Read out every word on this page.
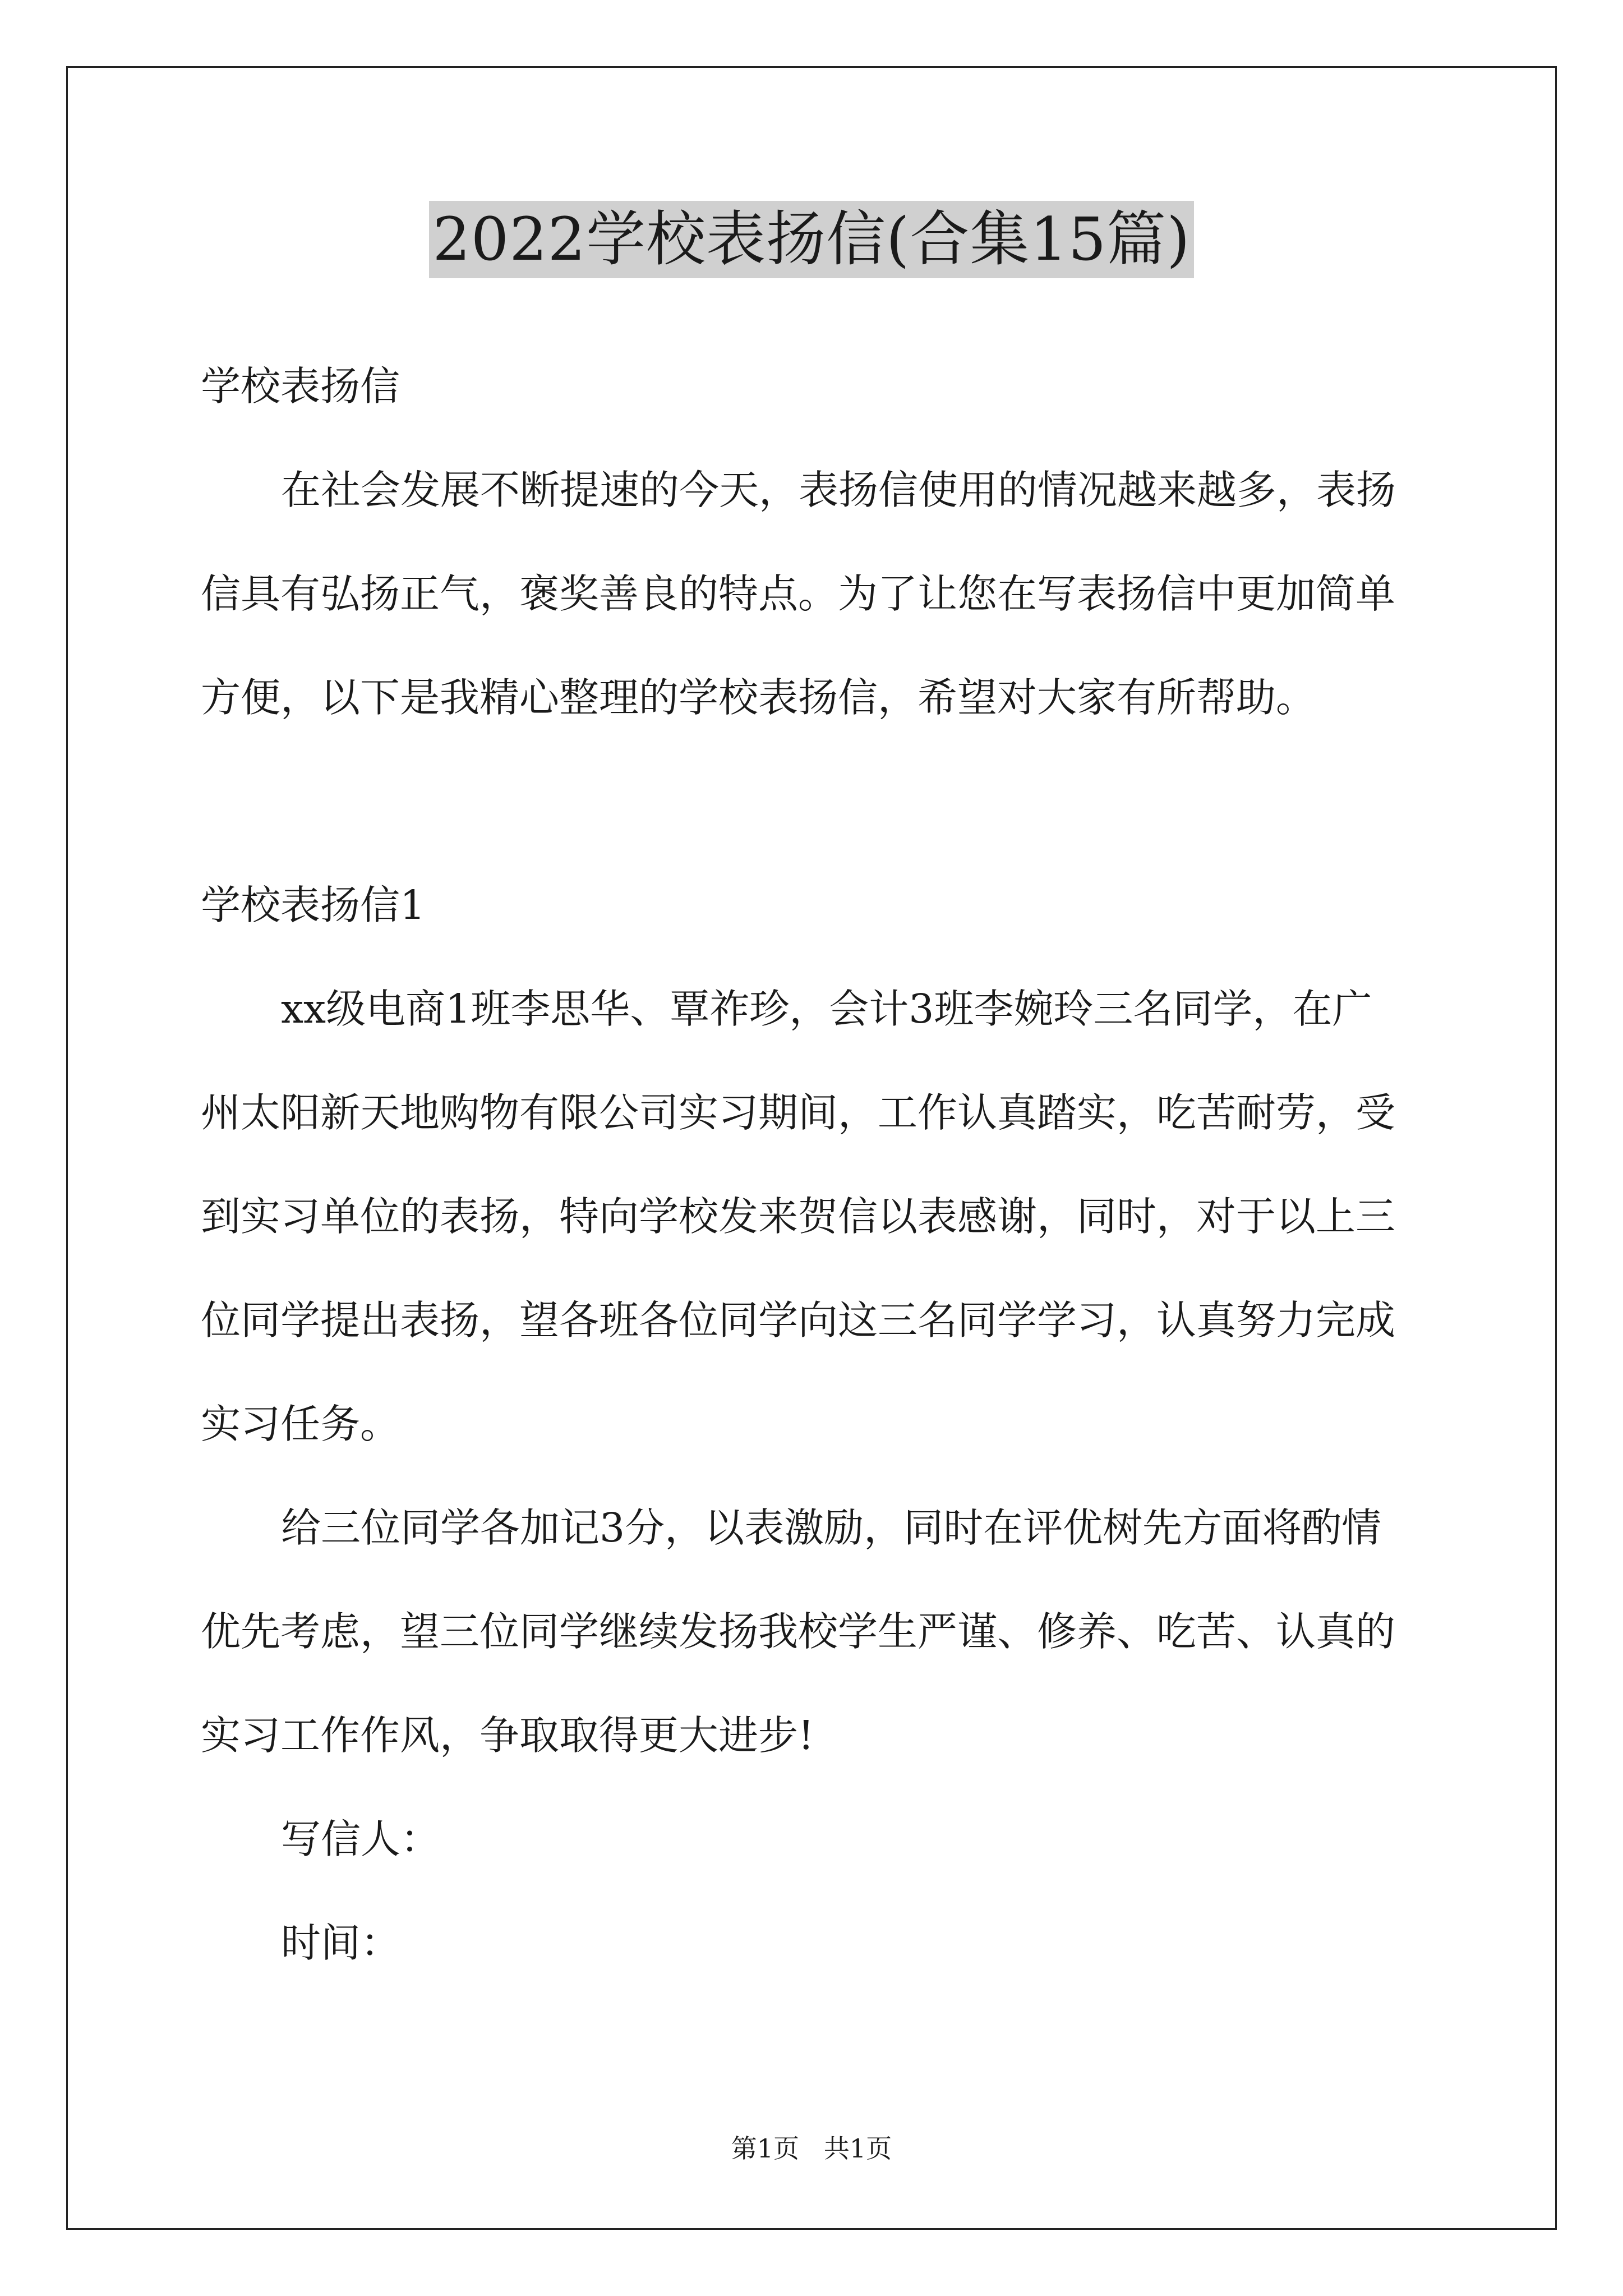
2022学校表扬信(合集15篇)

学校表扬信

在社会发展不断提速的今天，表扬信使用的情况越来越多，表扬

信具有弘扬正气，褒奖善良的特点。为了让您在写表扬信中更加简单

方便，以下是我精心整理的学校表扬信，希望对大家有所帮助。

学校表扬信1

xx级电商1班李思华、覃祚珍，会计3班李婉玲三名同学，在广

州太阳新天地购物有限公司实习期间，工作认真踏实，吃苦耐劳，受

到实习单位的表扬，特向学校发来贺信以表感谢，同时，对于以上三

位同学提出表扬，望各班各位同学向这三名同学学习，认真努力完成

实习任务。

给三位同学各加记3分，以表激励，同时在评优树先方面将酌情

优先考虑，望三位同学继续发扬我校学生严谨、修养、吃苦、认真的

实习工作作风，争取取得更大进步!

写信人：

时间：

第1页   共1页
